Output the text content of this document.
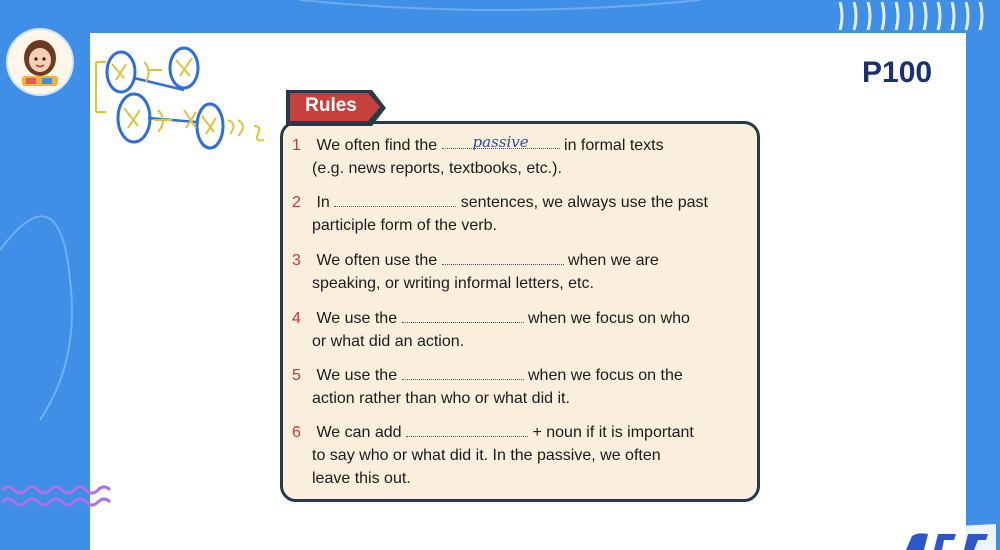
P100
Rules
1 We often find the passive in formal texts
(e.g. news reports, textbooks, etc.).
2 In	sentences, we always use the past
participle form of the verb.
3 We often use the	when we are
speaking, or writing informal letters, etc.
4 We use the	when we focus on who
or what did an action.
5 We use the	when we focus on the
action rather than who or what did it.
6 We can add	+ noun if it is important
to say who or what did it. In the passive, we often
leave this out.
